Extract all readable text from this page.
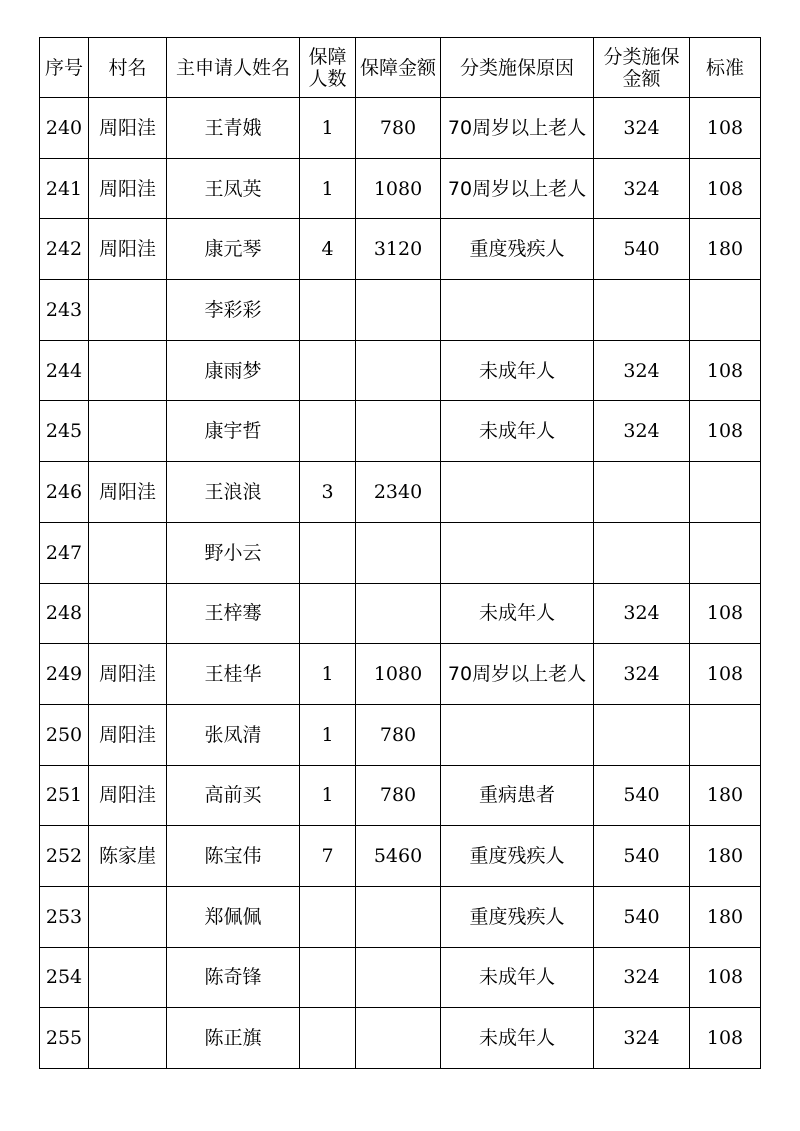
序号	村名	主申请人姓名	保障人数	保障金额	分类施保原因	分类施保金额	标准
240	周阳洼	王青娥	1	780	70周岁以上老人	324	108
241	周阳洼	王凤英	1	1080	70周岁以上老人	324	108
242	周阳洼	康元琴	4	3120	重度残疾人	540	180
243		李彩彩					
244		康雨梦			未成年人	324	108
245		康宇哲			未成年人	324	108
246	周阳洼	王浪浪	3	2340			
247		野小云					
248		王梓骞			未成年人	324	108
249	周阳洼	王桂华	1	1080	70周岁以上老人	324	108
250	周阳洼	张凤清	1	780			
251	周阳洼	高前买	1	780	重病患者	540	180
252	陈家崖	陈宝伟	7	5460	重度残疾人	540	180
253		郑佩佩			重度残疾人	540	180
254		陈奇锋			未成年人	324	108
255		陈正旗			未成年人	324	108
